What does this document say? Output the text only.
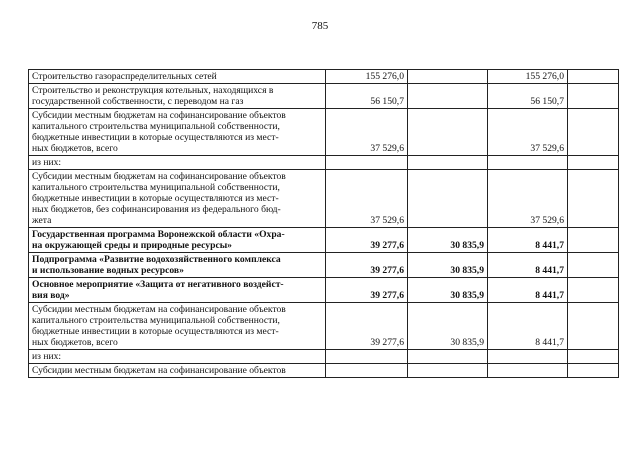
785
Строительство газораспределительных сетей	155 276,0		155 276,0	

Строительство и реконструкция котельных, находящихся в
государственной собственности, с переводом на газ	56 150,7		56 150,7	

Субсидии местным бюджетам на софинансирование объектов
капитального строительства муниципальной собственности,
бюджетные инвестиции в которые осуществляются из мест-
ных бюджетов, всего	37 529,6		37 529,6	

из них:				

Субсидии местным бюджетам на софинансирование объектов
капитального строительства муниципальной собственности,
бюджетные инвестиции в которые осуществляются из мест-
ных бюджетов, без софинансирования из федерального бюд-
жета	37 529,6		37 529,6	

Государственная программа Воронежской области «Охра-
на окружающей среды и природные ресурсы»	39 277,6	30 835,9	8 441,7	

Подпрограмма «Развитие водохозяйственного комплекса
и использование водных ресурсов»	39 277,6	30 835,9	8 441,7	

Основное мероприятие «Защита от негативного воздейст-
вия вод»	39 277,6	30 835,9	8 441,7	

Субсидии местным бюджетам на софинансирование объектов
капитального строительства муниципальной собственности,
бюджетные инвестиции в которые осуществляются из мест-
ных бюджетов, всего	39 277,6	30 835,9	8 441,7	

из них:				

Субсидии местным бюджетам на софинансирование объектов				
